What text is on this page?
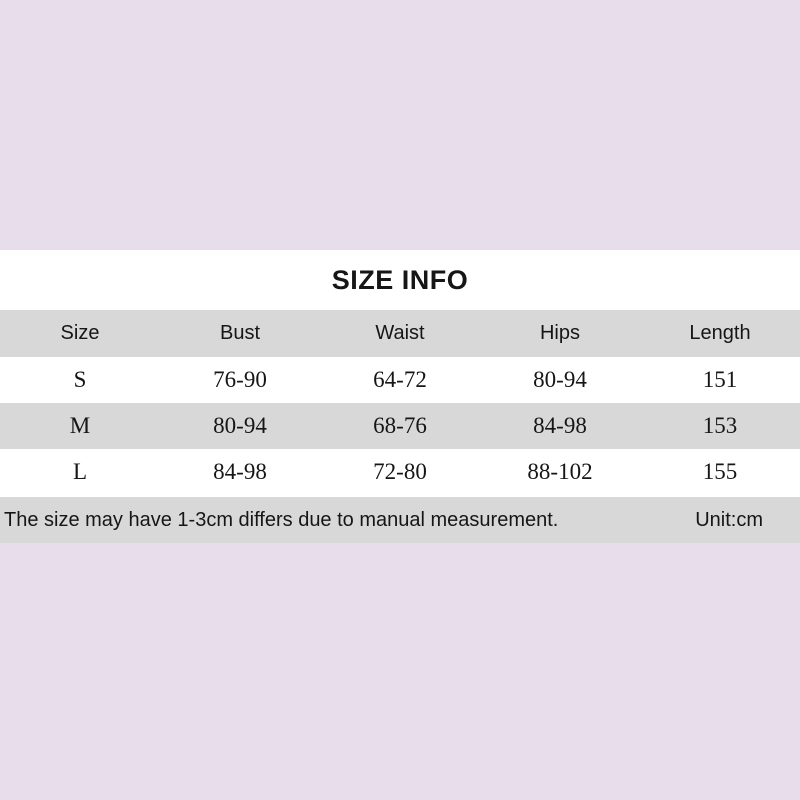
SIZE INFO
Size	Bust	Waist	Hips	Length
S	76-90	64-72	80-94	151
M	80-94	68-76	84-98	153
L	84-98	72-80	88-102	155
The size may have 1-3cm differs due to manual measurement.	Unit:cm
